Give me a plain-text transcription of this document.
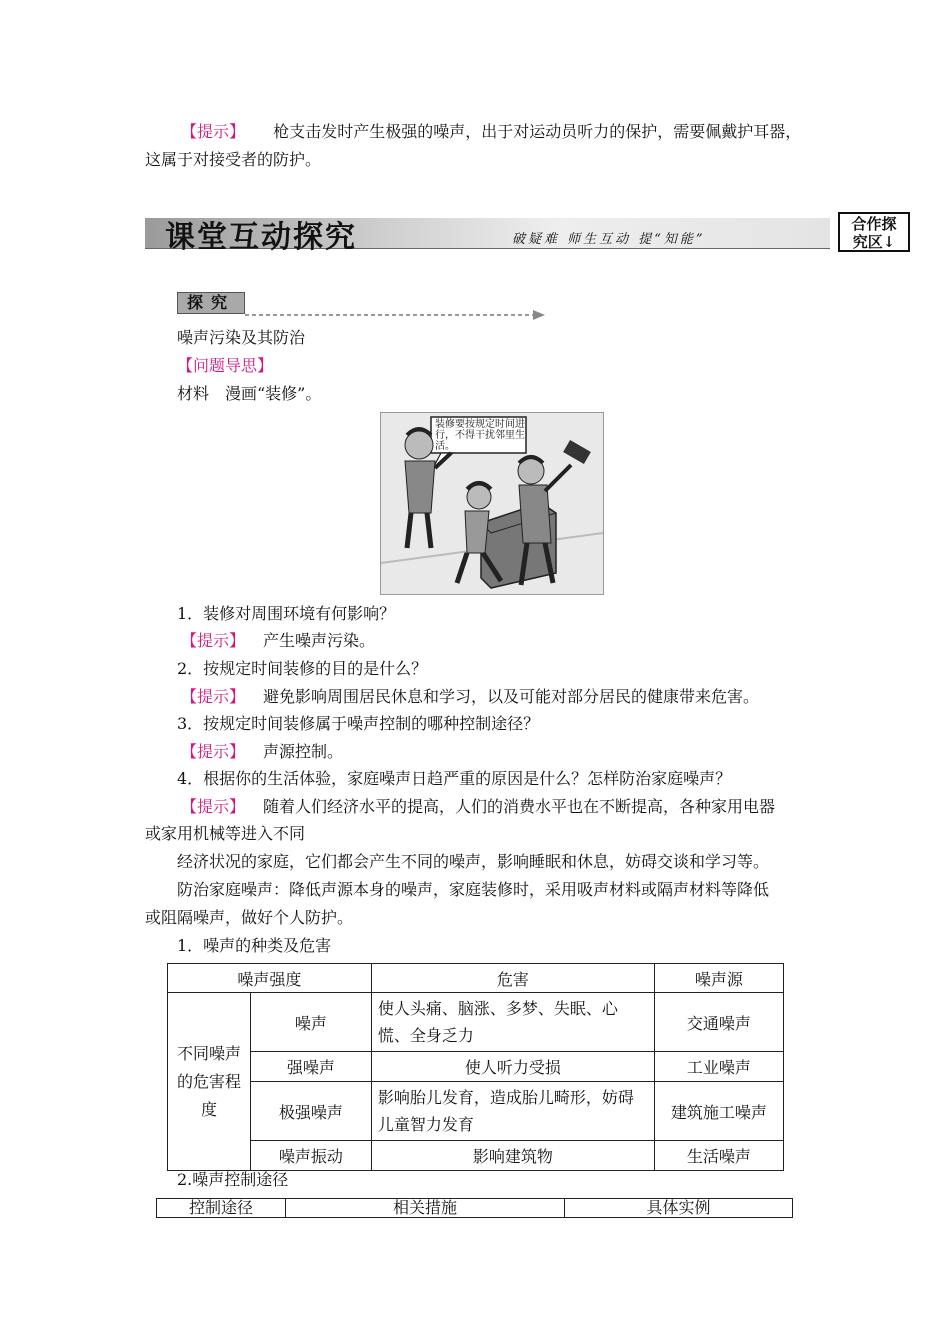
【提示】 枪支击发时产生极强的噪声，出于对运动员听力的保护，需要佩戴护耳器，
这属于对接受者的防护。
课堂互动探究	破疑难 师生互动 提“知能”
合作探
究区↓
探究
噪声污染及其防治
【问题导思】
材料　漫画“装修”。
装修要按规定时间进行，不得干扰邻里生活。
1．装修对周围环境有何影响？
【提示】 产生噪声污染。
2．按规定时间装修的目的是什么？
【提示】 避免影响周围居民休息和学习，以及可能对部分居民的健康带来危害。
3．按规定时间装修属于噪声控制的哪种控制途径？
【提示】 声源控制。
4．根据你的生活体验，家庭噪声日趋严重的原因是什么？怎样防治家庭噪声？
【提示】 随着人们经济水平的提高，人们的消费水平也在不断提高，各种家用电器
或家用机械等进入不同
经济状况的家庭，它们都会产生不同的噪声，影响睡眠和休息，妨碍交谈和学习等。
防治家庭噪声：降低声源本身的噪声，家庭装修时，采用吸声材料或隔声材料等降低
或阻隔噪声，做好个人防护。
1．噪声的种类及危害
噪声强度		危害	噪声源
不同噪声的危害程度	噪声	使人头痛、脑涨、多梦、失眠、心慌、全身乏力	交通噪声
	强噪声	使人听力受损	工业噪声
	极强噪声	影响胎儿发育，造成胎儿畸形，妨碍儿童智力发育	建筑施工噪声
	噪声振动	影响建筑物	生活噪声
2.噪声控制途径
控制途径	相关措施	具体实例
